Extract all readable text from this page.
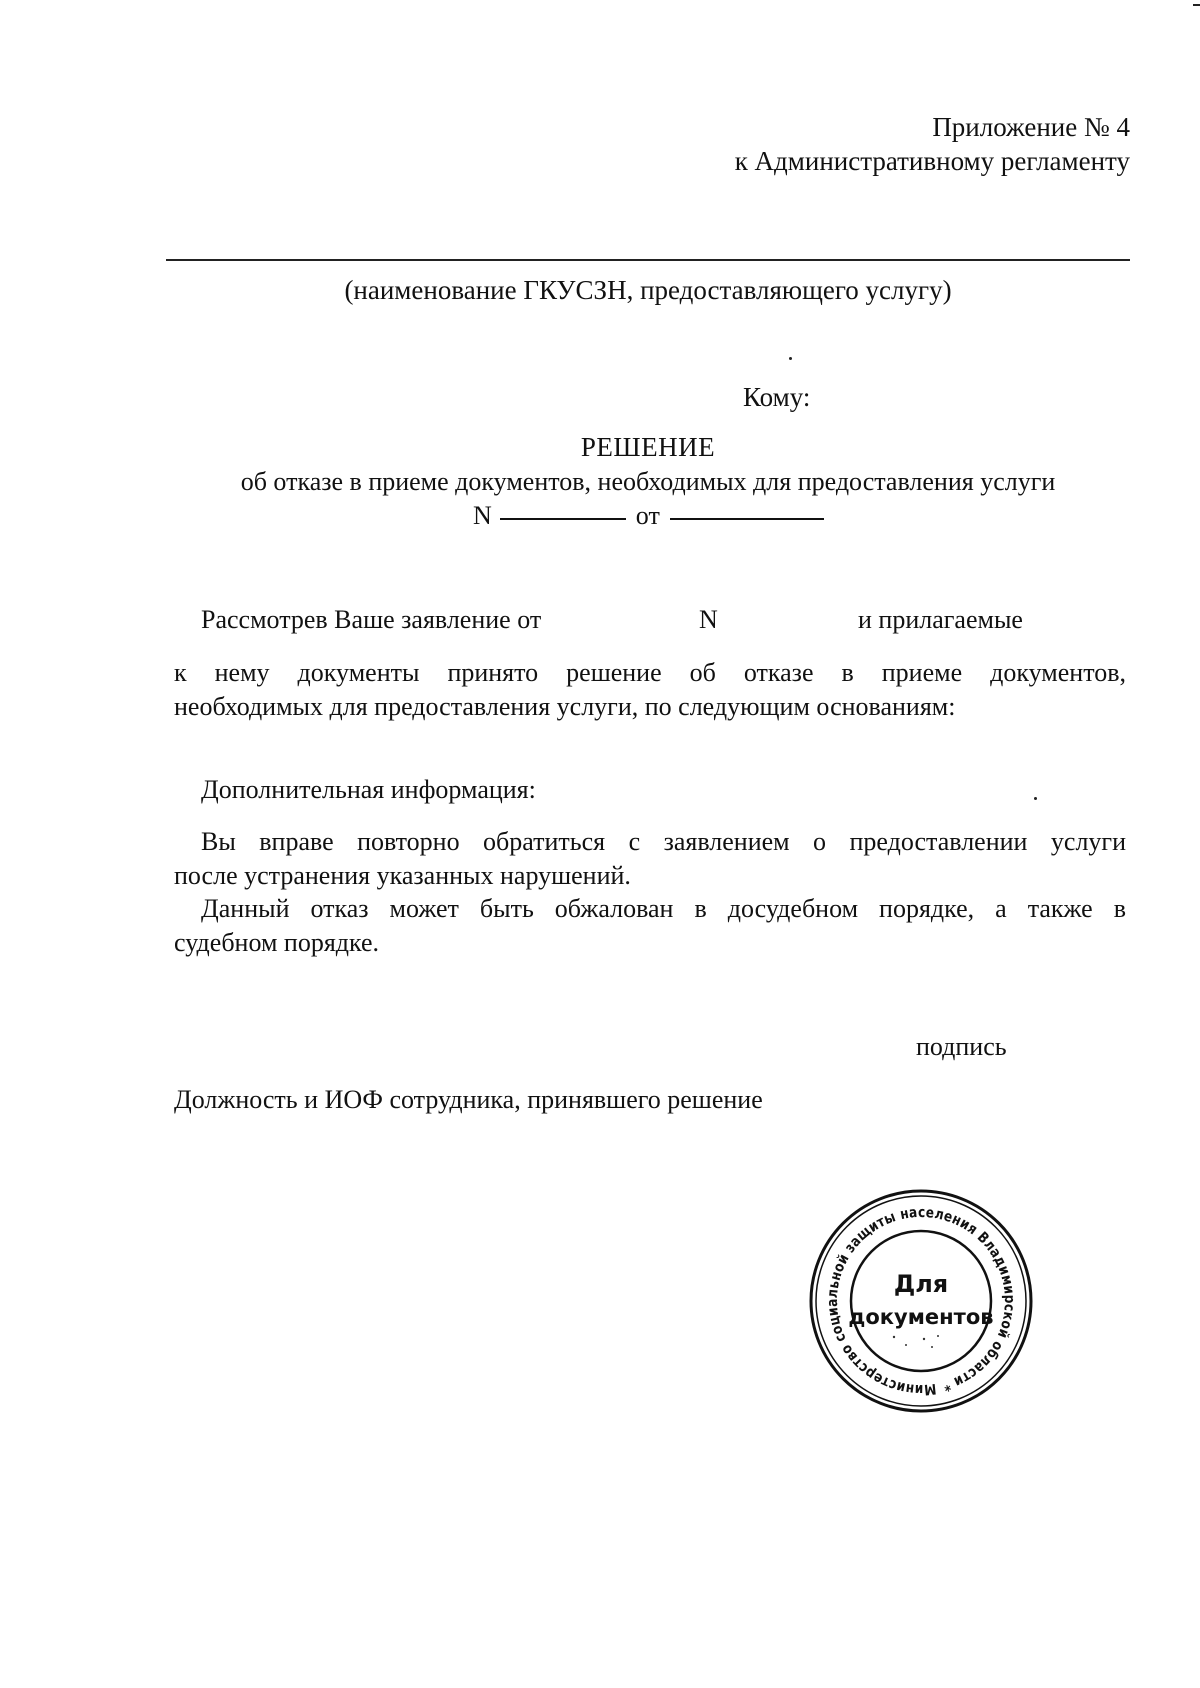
Приложение № 4
к Административному регламенту
(наименование ГКУСЗН, предоставляющего услугу)
Кому:
РЕШЕНИЕ
об отказе в приеме документов, необходимых для предоставления услуги
N	от
Рассмотрев Ваше заявление от	N	и прилагаемые
к нему документы принято решение об отказе в приеме документов,
необходимых для предоставления услуги, по следующим основаниям:
Дополнительная информация:
Вы вправе повторно обратиться с заявлением о предоставлении услуги
после устранения указанных нарушений.
Данный отказ может быть обжалован в досудебном порядке, а также в
судебном порядке.
подпись
Должность и ИОФ сотрудника, принявшего решение
Министерство социальной защиты населения Владимирской области *
Для
документов
